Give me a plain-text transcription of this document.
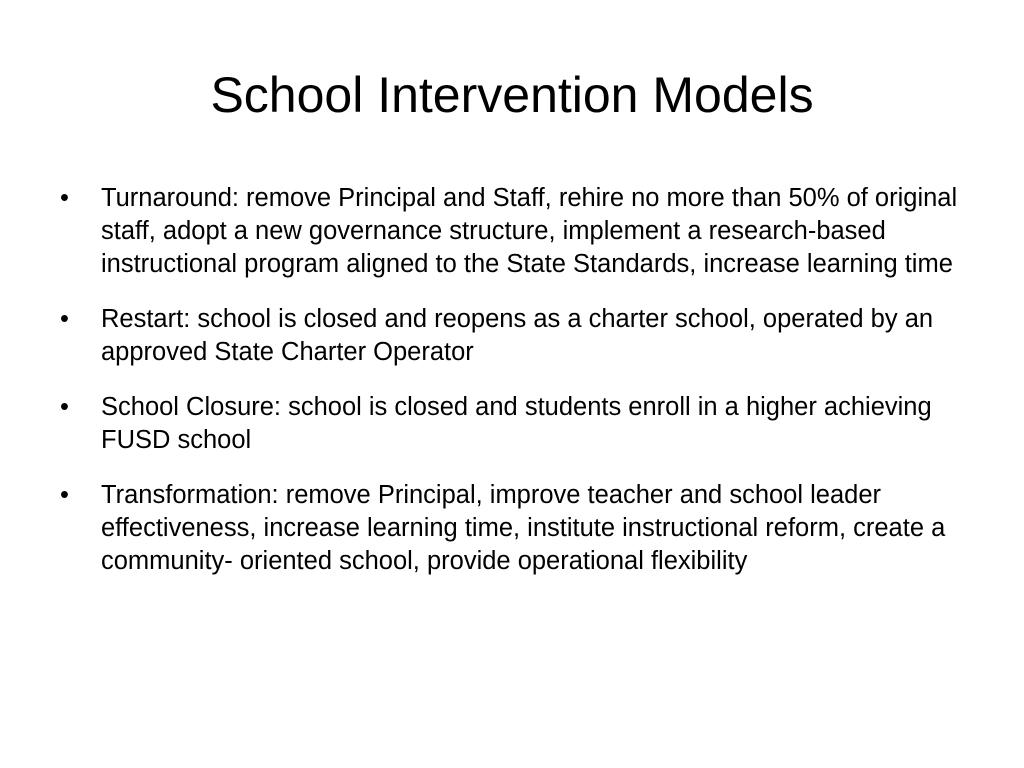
School Intervention Models
•	Turnaround: remove Principal and Staff, rehire no more than 50% of original staff, adopt a new governance structure, implement a research-based instructional program aligned to the State Standards, increase learning time
•	Restart: school is closed and reopens as a charter school, operated by an approved State Charter Operator
•	School Closure: school is closed and students enroll in a higher achieving FUSD school
•	Transformation: remove Principal, improve teacher and school leader effectiveness, increase learning time, institute instructional reform, create a community- oriented school, provide operational flexibility
